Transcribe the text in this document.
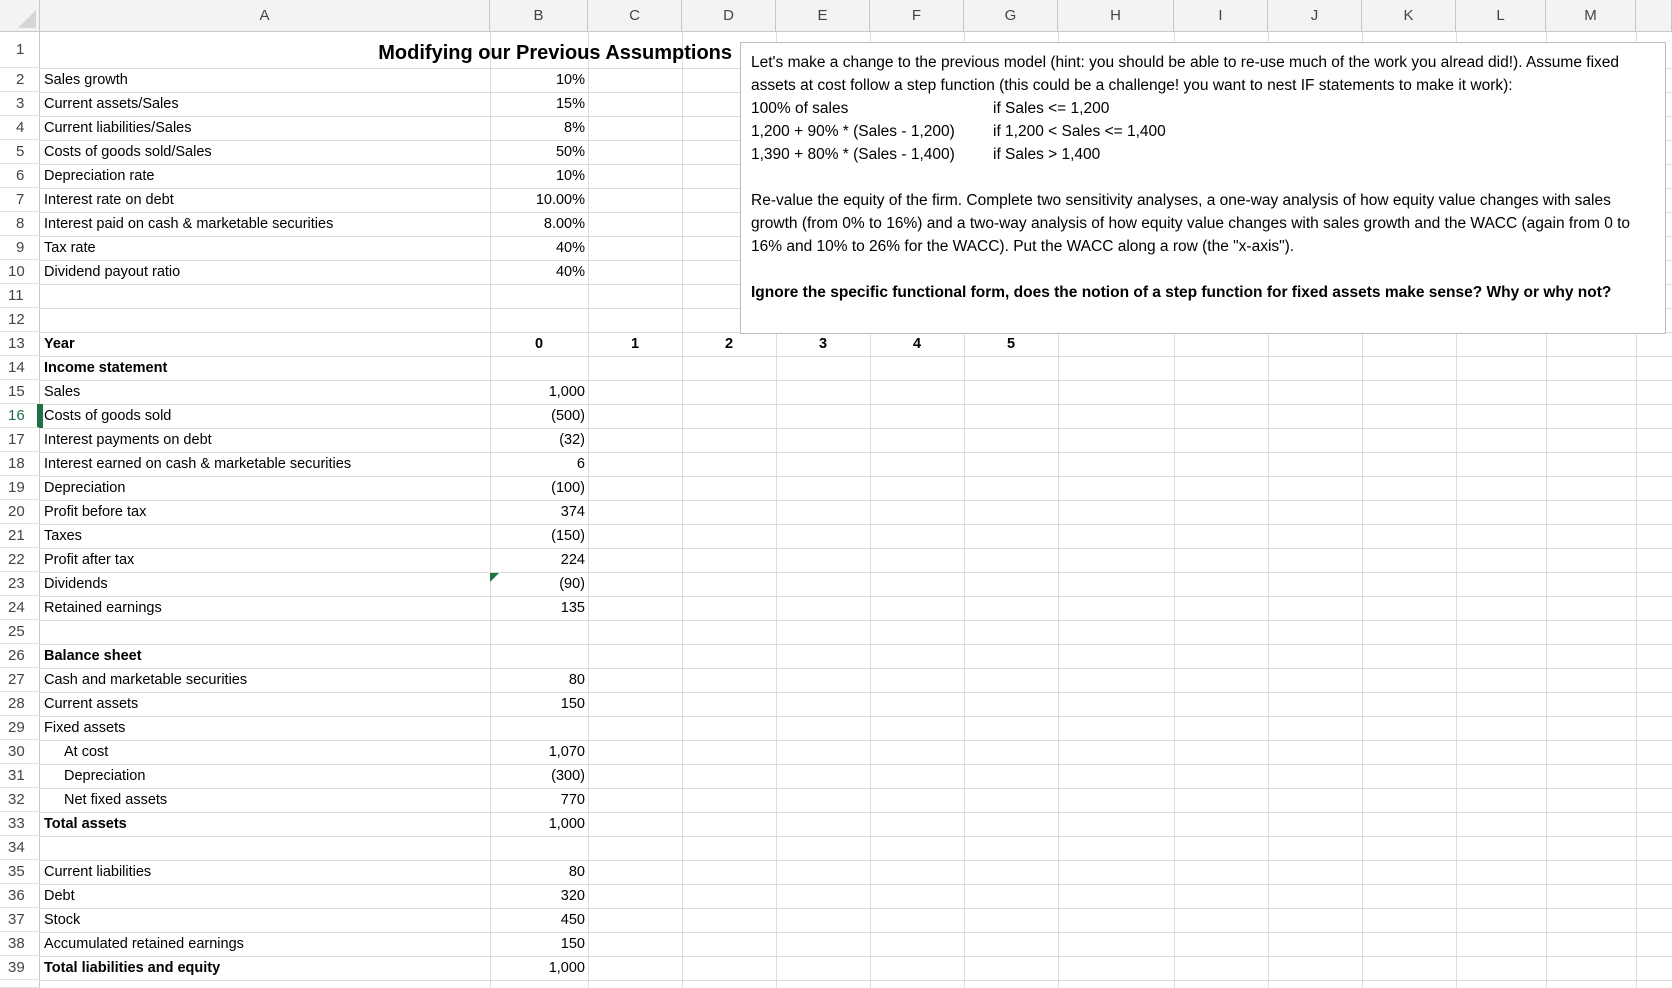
A	B	C	D	E	F	G	H	I	J	K	L	M
1
2
3
4
5
6
7
8
9
10
11
12
13
14
15
16
17
18
19
20
21
22
23
24
25
26
27
28
29
30
31
32
33
34
35
36
37
38
39
Modifying our Previous Assumptions
Sales growth	10%
Current assets/Sales	15%
Current liabilities/Sales	8%
Costs of goods sold/Sales	50%
Depreciation rate	10%
Interest rate on debt	10.00%
Interest paid on cash & marketable securities	8.00%
Tax rate	40%
Dividend payout ratio	40%
Year	0	1	2	3	4	5
Income statement
Sales	1,000
Costs of goods sold	(500)
Interest payments on debt	(32)
Interest earned on cash & marketable securities	6
Depreciation	(100)
Profit before tax	374
Taxes	(150)
Profit after tax	224
Dividends	(90)
Retained earnings	135
Balance sheet
Cash and marketable securities	80
Current assets	150
Fixed assets
At cost	1,070
Depreciation	(300)
Net fixed assets	770
Total assets	1,000
Current liabilities	80
Debt	320
Stock	450
Accumulated retained earnings	150
Total liabilities and equity	1,000

Let's make a change to the previous model (hint: you should be able to re-use much of the work you alread did!). Assume fixed assets at cost follow a step function (this could be a challenge! you want to nest IF statements to make it work):

100% of sales	if Sales <= 1,200
1,200 + 90% * (Sales - 1,200)	if 1,200 < Sales <= 1,400
1,390 + 80% * (Sales - 1,400)	if Sales > 1,400

Re-value the equity of the firm. Complete two sensitivity analyses, a one-way analysis of how equity value changes with sales growth (from 0% to 16%) and a two-way analysis of how equity value changes with sales growth and the WACC (again from 0 to 16% and 10% to 26% for the WACC). Put the WACC along a row (the "x-axis").

Ignore the specific functional form, does the notion of a step function for fixed assets make sense? Why or why not?
